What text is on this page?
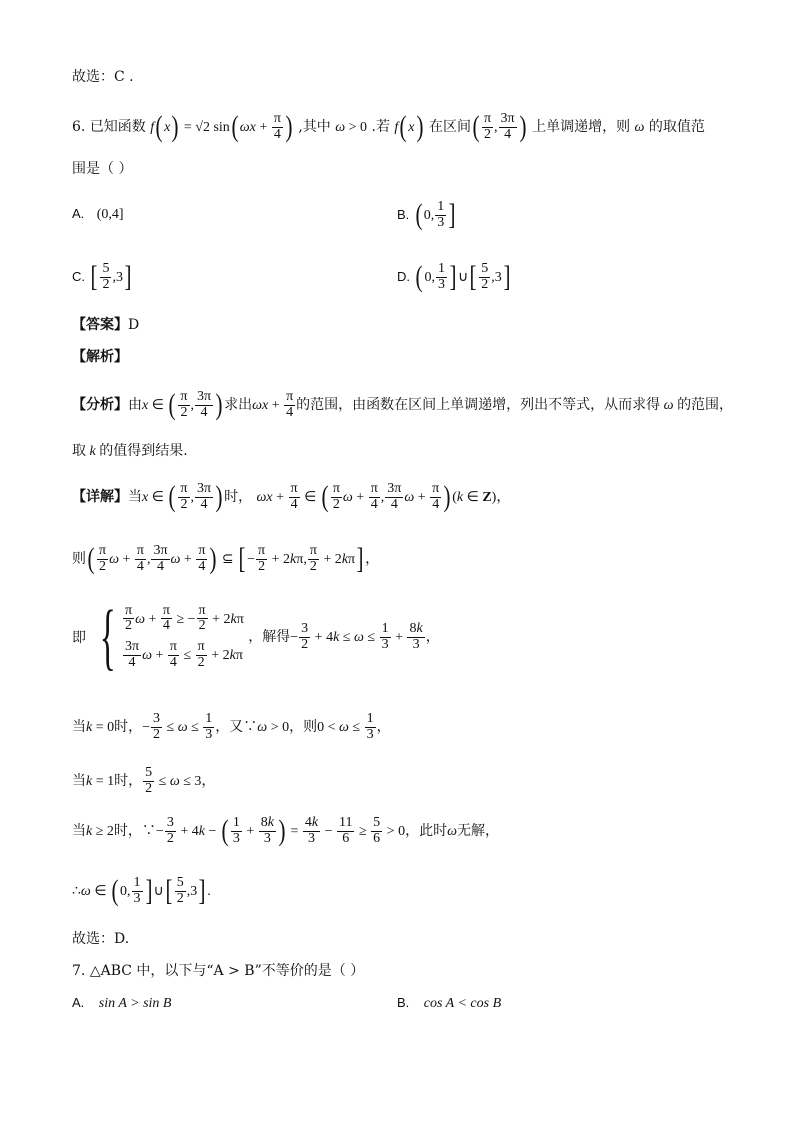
故选：C .
6. 已知函数 f( x) = √2 sin( $\omega x + \frac{\pi}{4}$ ) ,其中 ω > 0 .若 f( x) 在区间( $\frac{\pi}{2}$ , $\frac{3\pi}{4}$ ) 上单调递增，则 ω 的取值范
围是（ ）
A. (0,4]	B. ( 0, $\frac{1}{3}$ ]
C. [ $\frac{5}{2} ,3$]	D. ( 0, $\frac{1}{3}$ ] ∪[ $\frac{5}{2} ,3$]
【答案】D
【解析】
【分析】由x ∈ ( $\frac{\pi}{2}$ , $\frac{3\pi}{4}$ ) 求出$\omega x + \frac{\pi}{4}$ 的范围，由函数在区间上单调递增，列出不等式，从而求得 ω 的范围，
取 k 的值得到结果.
【详解】当x ∈ ( $\frac{\pi}{2}$ , $\frac{3\pi}{4}$ ) 时， $\omega x + \frac{\pi}{4}$ ∈ ( $\frac{\pi}{2}$ $\omega + \frac{\pi}{4}$ , $\frac{3\pi}{4}$ $\omega + \frac{\pi}{4}$ ) (k ∈ Z)，
则( $\frac{\pi}{2}$ $\omega + \frac{\pi}{4}$ , $\frac{3\pi}{4}$ $\omega + \frac{\pi}{4}$ ) ⊆ [ − $\frac{\pi}{2} + 2k\pi$, $\frac{\pi}{2} + 2k\pi$] ，
即 { $\frac{\pi}{2}$ $\omega + \frac{\pi}{4}$ ≥ − $\frac{\pi}{2} + 2k\pi$
$\frac{3\pi}{4}$ $\omega + \frac{\pi}{4} \le \frac{\pi}{2} + 2k\pi$
，解得− $\frac{3}{2} + 4k \le \omega \le \frac{1}{3} + \frac{8k}{3}$ ，
当k = 0时，− $\frac{3}{2} \le \omega \le \frac{1}{3}$ ，又∵ω > 0，则$0 < \omega \le \frac{1}{3}$ ，
当k = 1时， $\frac{5}{2} \le \omega \le 3$，
当k ≥ 2时，∵− $\frac{3}{2} + 4k$ − ( $\frac{1}{3} + \frac{8k}{3}$ ) = $\frac{4k}{3} - \frac{11}{6} \ge \frac{5}{6} > 0$，此时ω无解，
∴ω ∈ ( 0, $\frac{1}{3}$ ] ∪[ $\frac{5}{2} ,3$] .
故选：D.
7. △ABC 中，以下与“A > B”不等价的是（ ）
A. sin A > sin B	B. cos A < cos B
